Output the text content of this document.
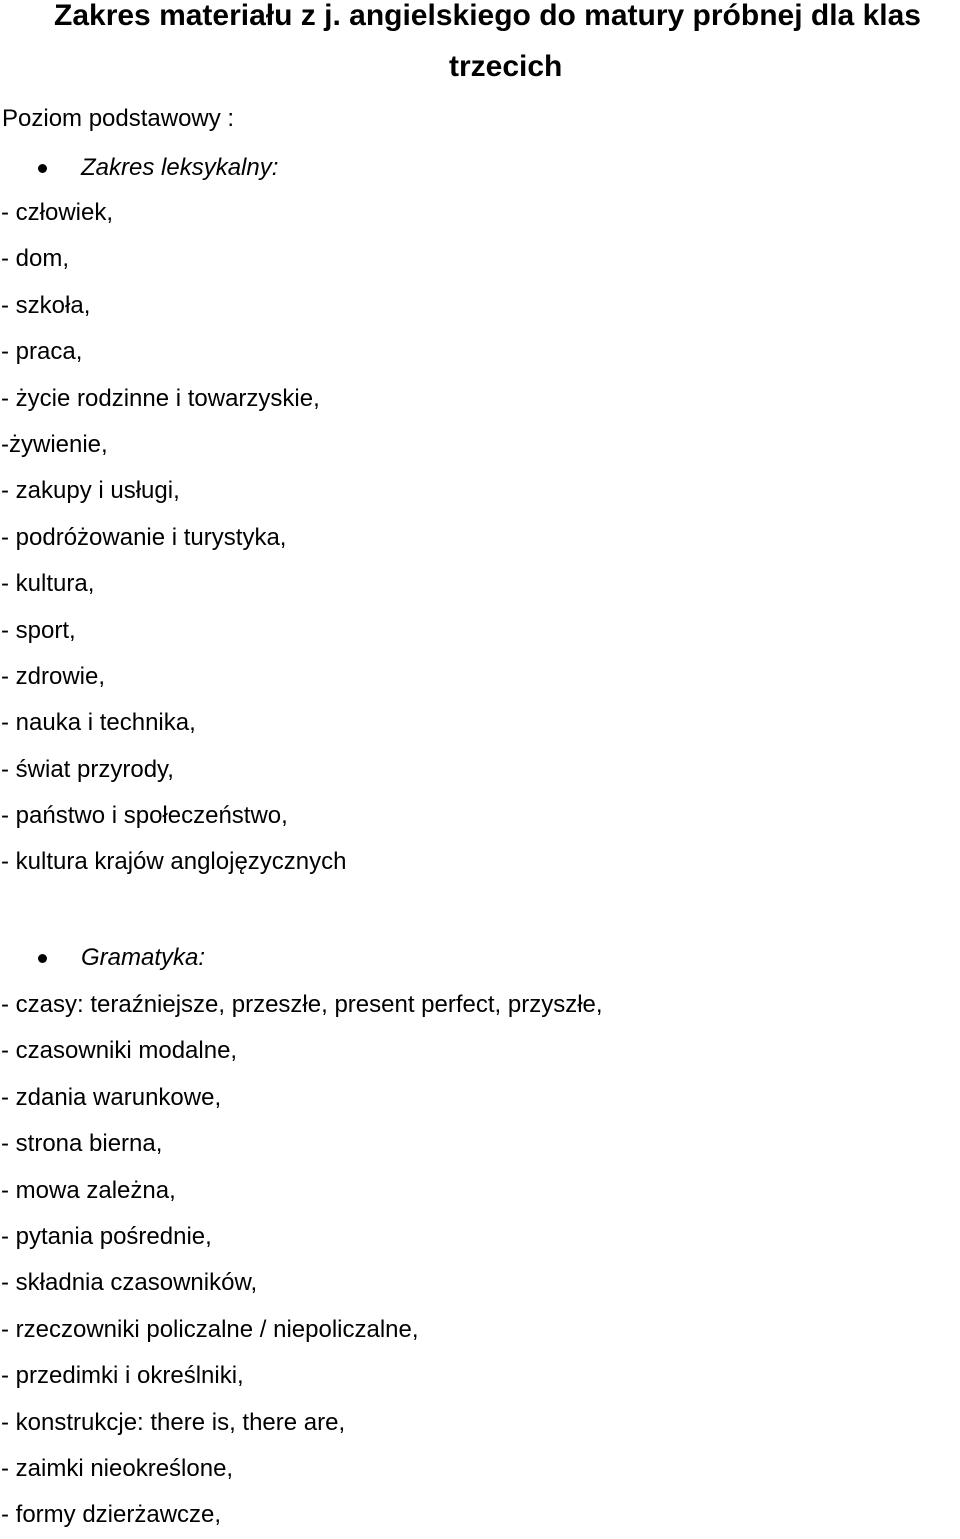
Zakres materiału z j. angielskiego do matury próbnej dla klas
trzecich
Poziom podstawowy :
Zakres leksykalny:
- człowiek,
- dom,
- szkoła,
- praca,
- życie rodzinne i towarzyskie,
-żywienie,
- zakupy i usługi,
- podróżowanie i turystyka,
- kultura,
- sport,
- zdrowie,
- nauka i technika,
- świat przyrody,
- państwo i społeczeństwo,
- kultura krajów anglojęzycznych
Gramatyka:
- czasy: teraźniejsze, przeszłe, present perfect, przyszłe,
- czasowniki modalne,
- zdania warunkowe,
- strona bierna,
- mowa zależna,
- pytania pośrednie,
- składnia czasowników,
- rzeczowniki policzalne / niepoliczalne,
- przedimki i określniki,
- konstrukcje: there is, there are,
- zaimki nieokreślone,
- formy dzierżawcze,
